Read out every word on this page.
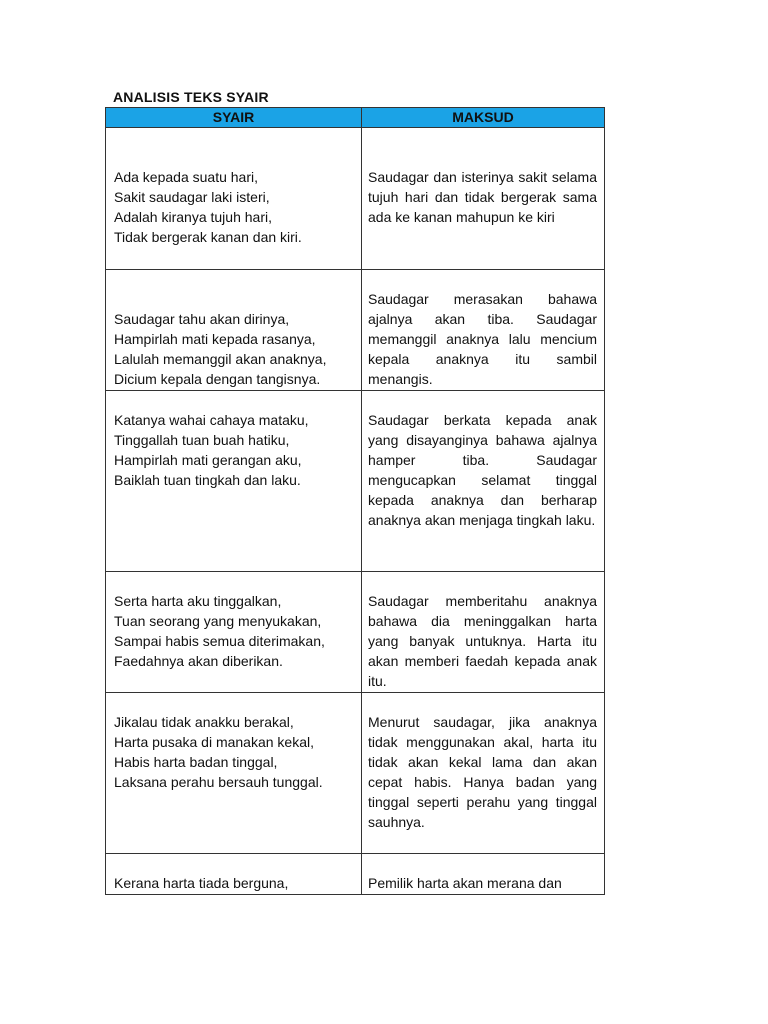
ANALISIS TEKS SYAIR
SYAIR	MAKSUD

Ada kepada suatu hari,
Sakit saudagar laki isteri,
Adalah kiranya tujuh hari,
Tidak bergerak kanan dan kiri.	Saudagar dan isterinya sakit selama tujuh hari dan tidak bergerak sama ada ke kanan mahupun ke kiri

Saudagar tahu akan dirinya,
Hampirlah mati kepada rasanya,
Lalulah memanggil akan anaknya,
Dicium kepala dengan tangisnya.	Saudagar merasakan bahawa ajalnya akan tiba. Saudagar memanggil anaknya lalu mencium kepala anaknya itu sambil menangis.

Katanya wahai cahaya mataku,
Tinggallah tuan buah hatiku,
Hampirlah mati gerangan aku,
Baiklah tuan tingkah dan laku.	Saudagar berkata kepada anak yang disayanginya bahawa ajalnya hamper tiba. Saudagar mengucapkan selamat tinggal kepada anaknya dan berharap anaknya akan menjaga tingkah laku.

Serta harta aku tinggalkan,
Tuan seorang yang menyukakan,
Sampai habis semua diterimakan,
Faedahnya akan diberikan.	Saudagar memberitahu anaknya bahawa dia meninggalkan harta yang banyak untuknya. Harta itu akan memberi faedah kepada anak itu.

Jikalau tidak anakku berakal,
Harta pusaka di manakan kekal,
Habis harta badan tinggal,
Laksana perahu bersauh tunggal.	Menurut saudagar, jika anaknya tidak menggunakan akal, harta itu tidak akan kekal lama dan akan cepat habis. Hanya badan yang tinggal seperti perahu yang tinggal sauhnya.

Kerana harta tiada berguna,	Pemilik harta akan merana dan
